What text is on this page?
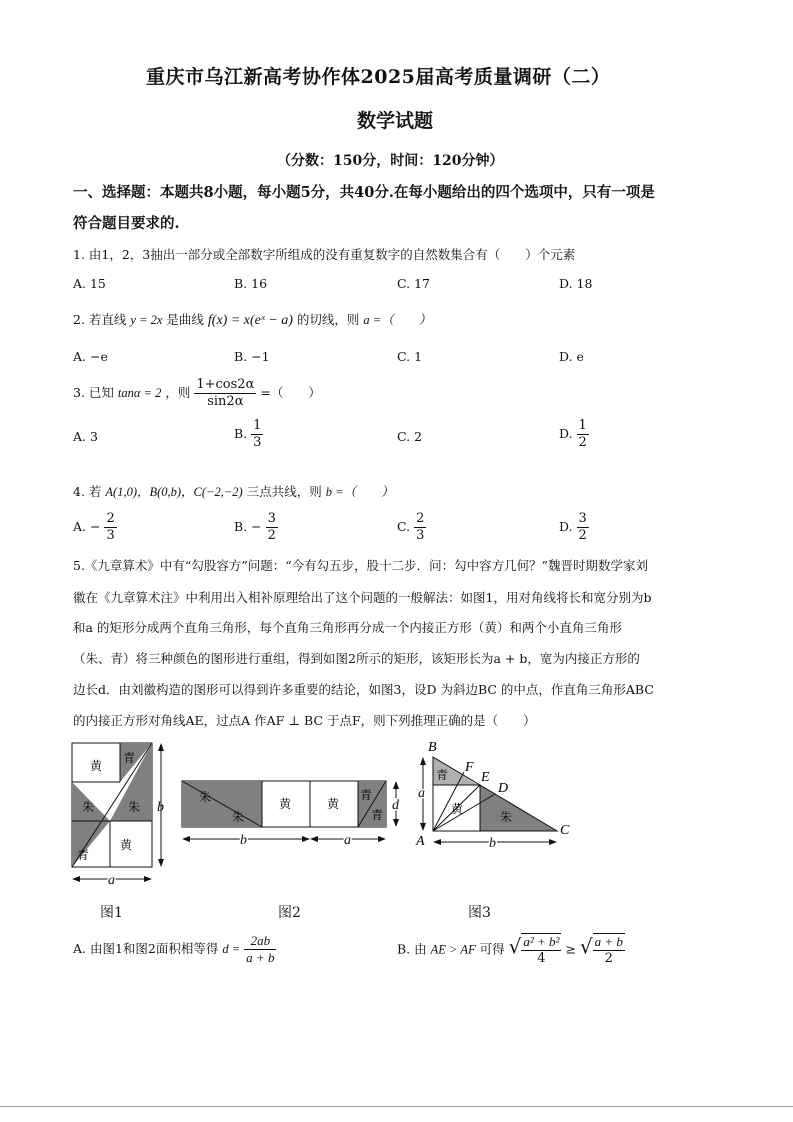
重庆市乌江新高考协作体2025届高考质量调研（二）
数学试题
（分数：150分，时间：120分钟）
一、选择题：本题共8小题，每小题5分，共40分.在每小题给出的四个选项中，只有一项是
符合题目要求的.
1. 由1，2，3抽出一部分或全部数字所组成的没有重复数字的自然数集合有（　　）个元素
A. 15	B. 16	C. 17	D. 18
2. 若直线 y = 2x 是曲线 f(x) = x(eˣ − a) 的切线，则 a =（　　）
A. −e	B. −1	C. 1	D. e
3. 已知 tanα = 2 ，则 $\frac{1+\cos 2\alpha}{\sin 2\alpha}$ =（　　）
A. 3	B. $\frac{1}{3}$	C. 2	D. $\frac{1}{2}$
4. 若 A(1,0)，B(0,b)，C(−2,−2) 三点共线，则 b =（　　）
A. − $\frac{2}{3}$	B. − $\frac{3}{2}$	C. $\frac{2}{3}$	D. $\frac{3}{2}$
5.《九章算术》中有“勾股容方”问题：“今有勾五步，股十二步．问：勾中容方几何？”魏晋时期数学家刘
徽在《九章算术注》中利用出入相补原理给出了这个问题的一般解法：如图1，用对角线将长和宽分别为b
和a 的矩形分成两个直角三角形，每个直角三角形再分成一个内接正方形（黄）和两个小直角三角形
（朱、青）将三种颜色的图形进行重组，得到如图2所示的矩形，该矩形长为a + b，宽为内接正方形的
边长d．由刘徽构造的图形可以得到许多重要的结论，如图3，设D 为斜边BC 的中点，作直角三角形ABC
的内接正方形对角线AE，过点A 作AF ⊥ BC 于点F，则下列推理正确的是（　　）
黄
青
朱	朱
青
黄
b
a
朱
朱
黄	黄
青
青
d
b	a
青
黄
朱
B
F
E
D
C
A
a
b
图1	图2	图3
A. 由图1和图2面积相等得 $d = \frac{2ab}{a + b}$	B. 由 AE > AF 可得 √ $\frac{\text{a² + b²}}{4}$ ≥ √ $\frac{a + b}{2}$
